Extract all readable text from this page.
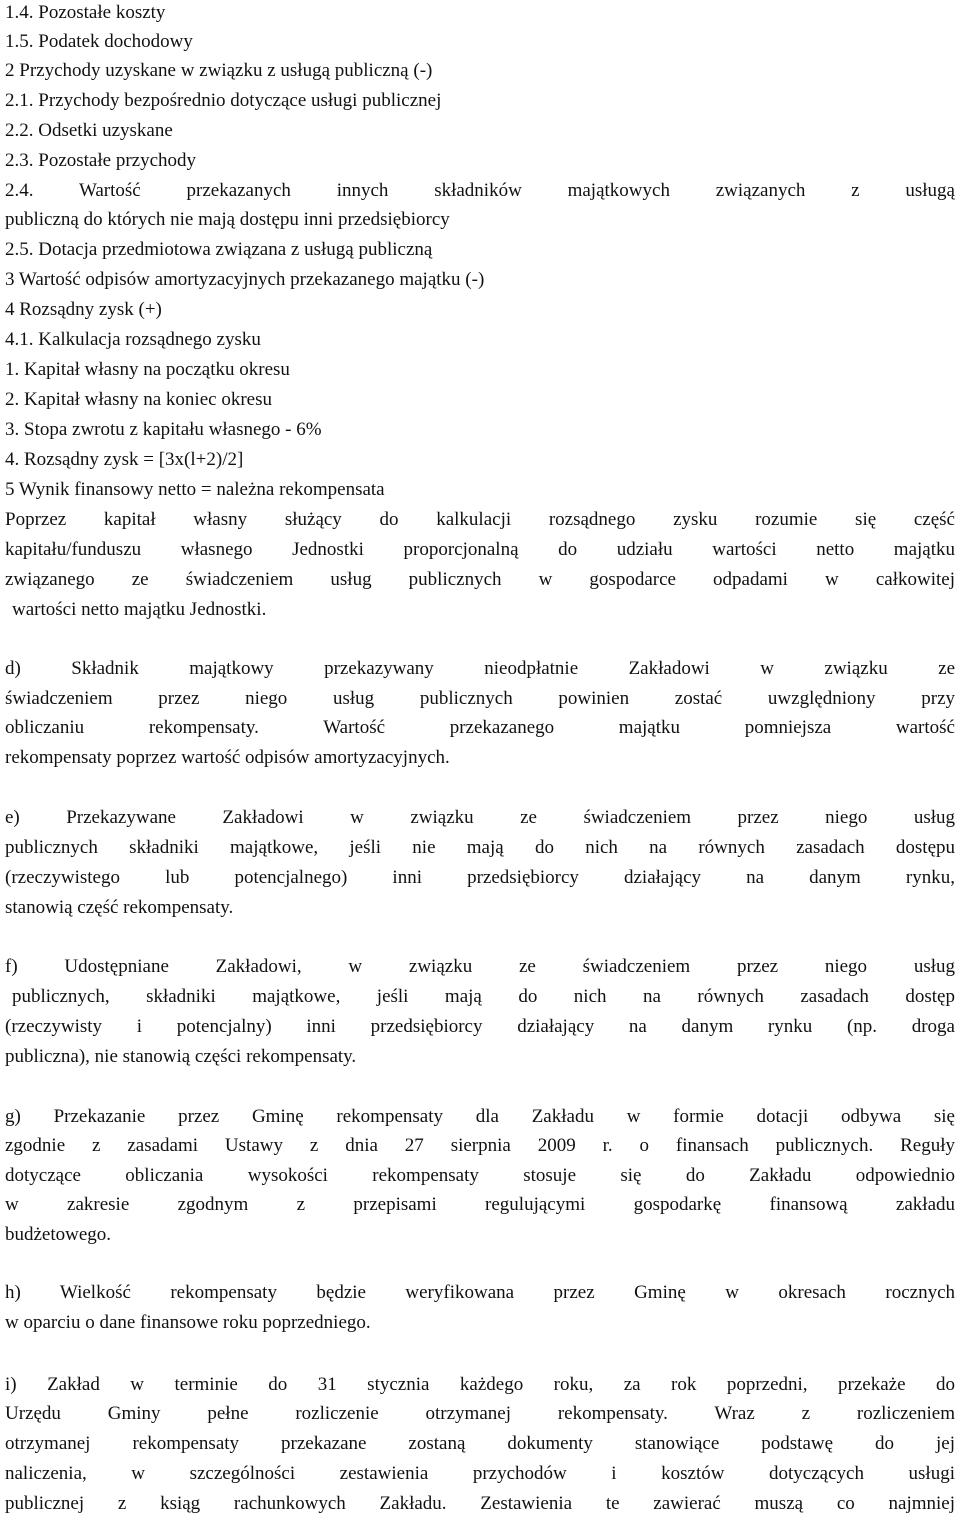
1.4. Pozostałe koszty
1.5. Podatek dochodowy
2 Przychody uzyskane w związku z usługą publiczną (-)
2.1. Przychody bezpośrednio dotyczące usługi publicznej
2.2. Odsetki uzyskane
2.3. Pozostałe przychody
2.4. Wartość przekazanych innych składników majątkowych związanych z usługą
publiczną do których nie mają dostępu inni przedsiębiorcy
2.5. Dotacja przedmiotowa związana z usługą publiczną
3 Wartość odpisów amortyzacyjnych przekazanego majątku (-)
4 Rozsądny zysk (+)
4.1. Kalkulacja rozsądnego zysku
1. Kapitał własny na początku okresu
2. Kapitał własny na koniec okresu
3. Stopa zwrotu z kapitału własnego - 6%
4. Rozsądny zysk = [3x(l+2)/2]
5 Wynik finansowy netto = należna rekompensata
Poprzez kapitał własny służący do kalkulacji rozsądnego zysku rozumie się część
kapitału/funduszu własnego Jednostki proporcjonalną do udziału wartości netto majątku
związanego ze świadczeniem usług publicznych w gospodarce odpadami w całkowitej
wartości netto majątku Jednostki.
d) Składnik majątkowy przekazywany nieodpłatnie Zakładowi w związku ze
świadczeniem przez niego usług publicznych powinien zostać uwzględniony przy
obliczaniu rekompensaty. Wartość przekazanego majątku pomniejsza wartość
rekompensaty poprzez wartość odpisów amortyzacyjnych.
e) Przekazywane Zakładowi w związku ze świadczeniem przez niego usług
publicznych składniki majątkowe, jeśli nie mają do nich na równych zasadach dostępu
(rzeczywistego lub potencjalnego) inni przedsiębiorcy działający na danym rynku,
stanowią część rekompensaty.
f) Udostępniane Zakładowi, w związku ze świadczeniem przez niego usług
publicznych, składniki majątkowe, jeśli mają do nich na równych zasadach dostęp
(rzeczywisty i potencjalny) inni przedsiębiorcy działający na danym rynku (np. droga
publiczna), nie stanowią części rekompensaty.
g) Przekazanie przez Gminę rekompensaty dla Zakładu w formie dotacji odbywa się
zgodnie z zasadami Ustawy z dnia 27 sierpnia 2009 r. o finansach publicznych. Reguły
dotyczące obliczania wysokości rekompensaty stosuje się do Zakładu odpowiednio
w zakresie zgodnym z przepisami regulującymi gospodarkę finansową zakładu
budżetowego.
h) Wielkość rekompensaty będzie weryfikowana przez Gminę w okresach rocznych
w oparciu o dane finansowe roku poprzedniego.
i) Zakład w terminie do 31 stycznia każdego roku, za rok poprzedni, przekaże do
Urzędu Gminy pełne rozliczenie otrzymanej rekompensaty. Wraz z rozliczeniem
otrzymanej rekompensaty przekazane zostaną dokumenty stanowiące podstawę do jej
naliczenia, w szczególności zestawienia przychodów i kosztów dotyczących usługi
publicznej z ksiąg rachunkowych Zakładu. Zestawienia te zawierać muszą co najmniej
